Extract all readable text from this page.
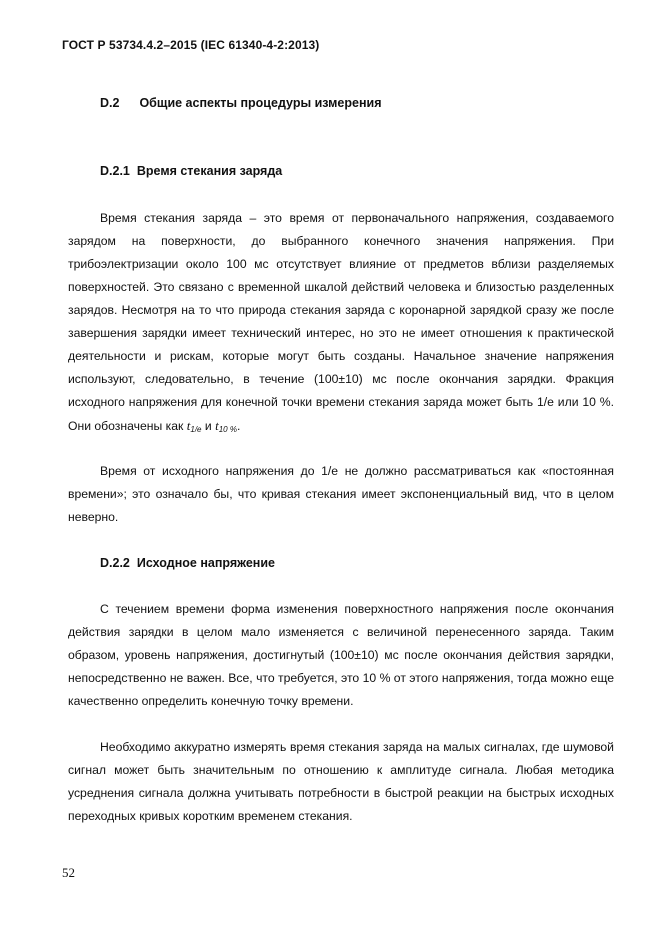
ГОСТ Р 53734.4.2–2015 (IEC 61340-4-2:2013)
D.2 Общие аспекты процедуры измерения
D.2.1 Время стекания заряда

Время стекания заряда – это время от первоначального напряжения, создаваемого зарядом на поверхности, до выбранного конечного значения напряжения. При трибоэлектризации около 100 мс отсутствует влияние от предметов вблизи разделяемых поверхностей. Это связано с временной шкалой действий человека и близостью разделенных зарядов. Несмотря на то что природа стекания заряда с коронарной зарядкой сразу же после завершения зарядки имеет технический интерес, но это не имеет отношения к практической деятельности и рискам, которые могут быть созданы. Начальное значение напряжения используют, следовательно, в течение (100±10) мс после окончания зарядки. Фракция исходного напряжения для конечной точки времени стекания заряда может быть 1/e или 10 %. Они обозначены как $t_{1/e}$ и $t_{10 \%}$.

Время от исходного напряжения до 1/e не должно рассматриваться как «постоянная времени»; это означало бы, что кривая стекания имеет экспоненциальный вид, что в целом неверно.

D.2.2 Исходное напряжение

С течением времени форма изменения поверхностного напряжения после окончания действия зарядки в целом мало изменяется с величиной перенесенного заряда. Таким образом, уровень напряжения, достигнутый (100±10) мс после окончания действия зарядки, непосредственно не важен. Все, что требуется, это 10 % от этого напряжения, тогда можно еще качественно определить конечную точку времени.

Необходимо аккуратно измерять время стекания заряда на малых сигналах, где шумовой сигнал может быть значительным по отношению к амплитуде сигнала. Любая методика усреднения сигнала должна учитывать потребности в быстрой реакции на быстрых исходных переходных кривых коротким временем стекания.

52
